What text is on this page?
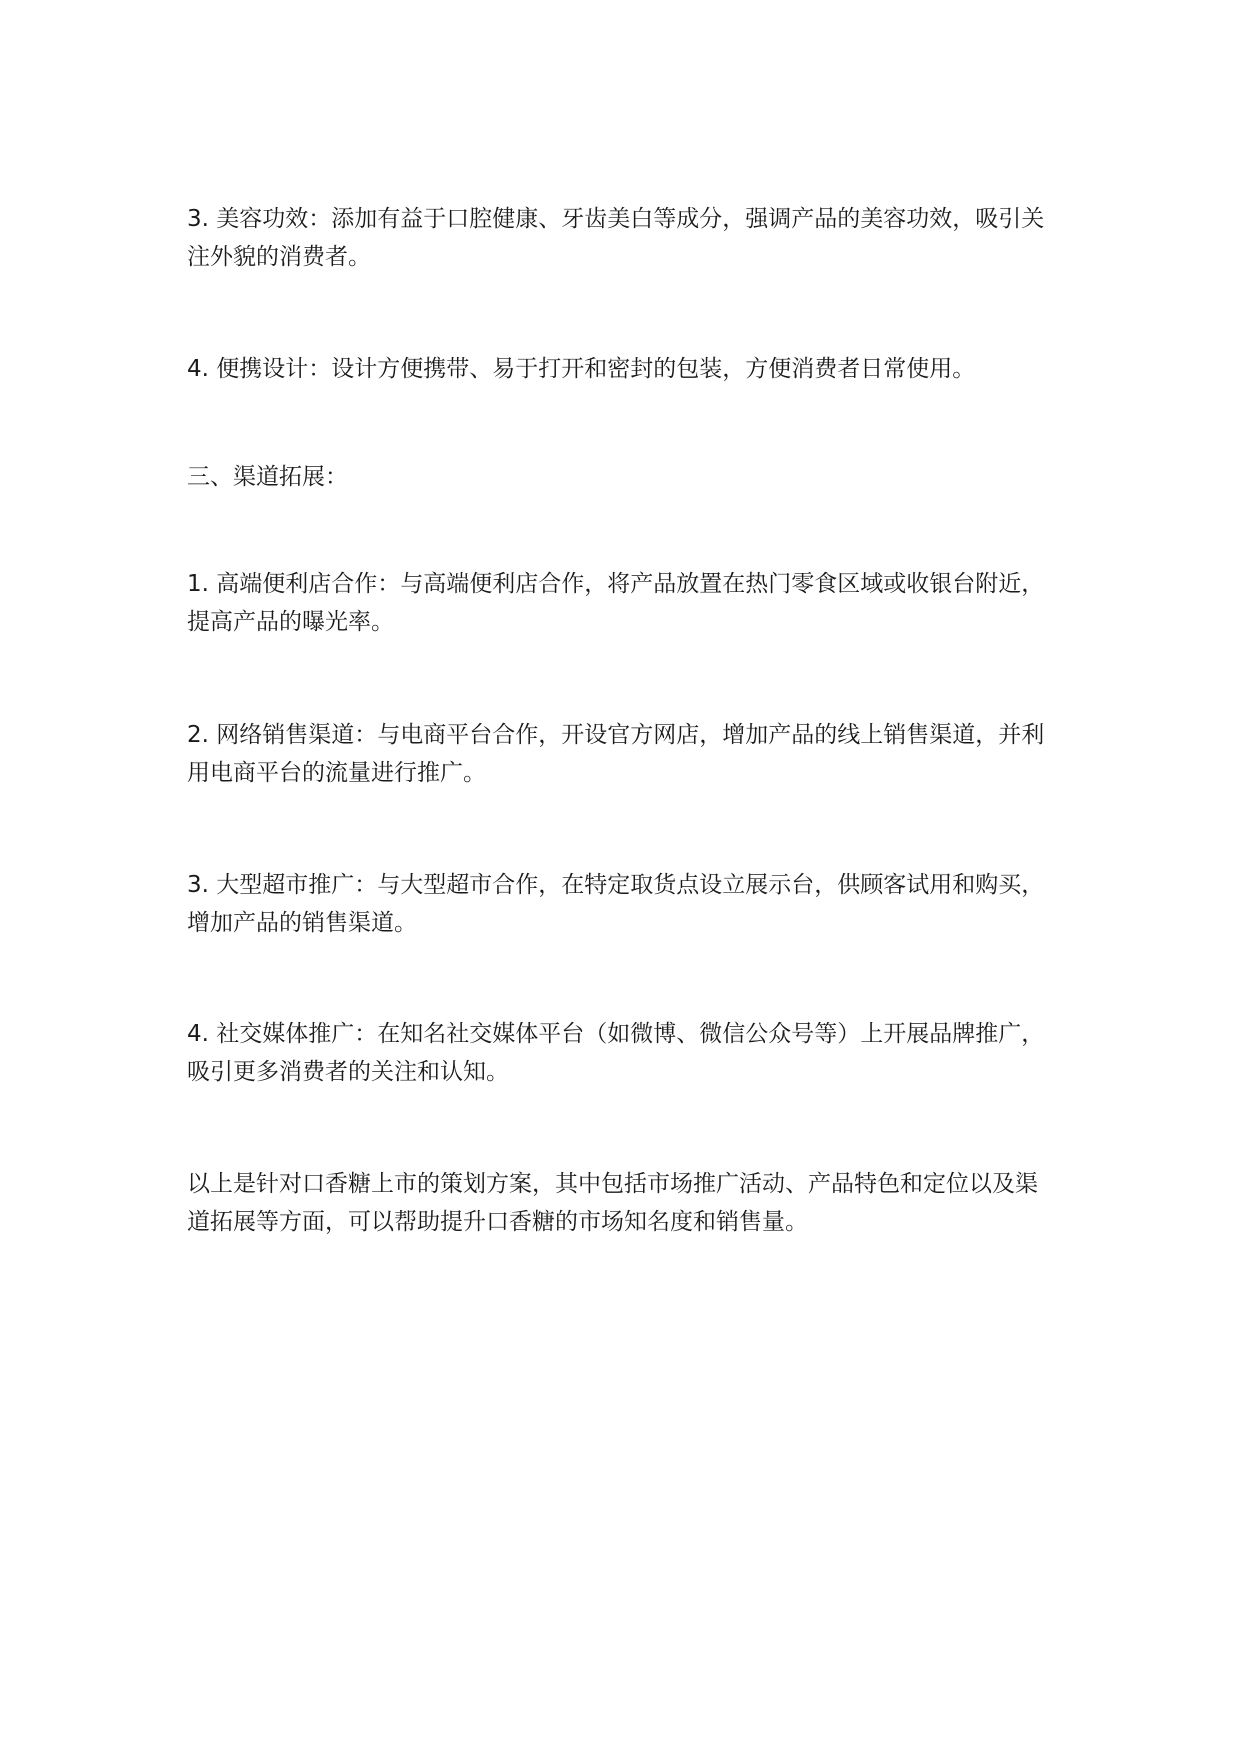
3. 美容功效：添加有益于口腔健康、牙齿美白等成分，强调产品的美容功效，吸引关注外貌的消费者。

4. 便携设计：设计方便携带、易于打开和密封的包装，方便消费者日常使用。

三、渠道拓展：

1. 高端便利店合作：与高端便利店合作，将产品放置在热门零食区域或收银台附近，提高产品的曝光率。

2. 网络销售渠道：与电商平台合作，开设官方网店，增加产品的线上销售渠道，并利用电商平台的流量进行推广。

3. 大型超市推广：与大型超市合作，在特定取货点设立展示台，供顾客试用和购买，增加产品的销售渠道。

4. 社交媒体推广：在知名社交媒体平台（如微博、微信公众号等）上开展品牌推广，吸引更多消费者的关注和认知。

以上是针对口香糖上市的策划方案，其中包括市场推广活动、产品特色和定位以及渠道拓展等方面，可以帮助提升口香糖的市场知名度和销售量。
